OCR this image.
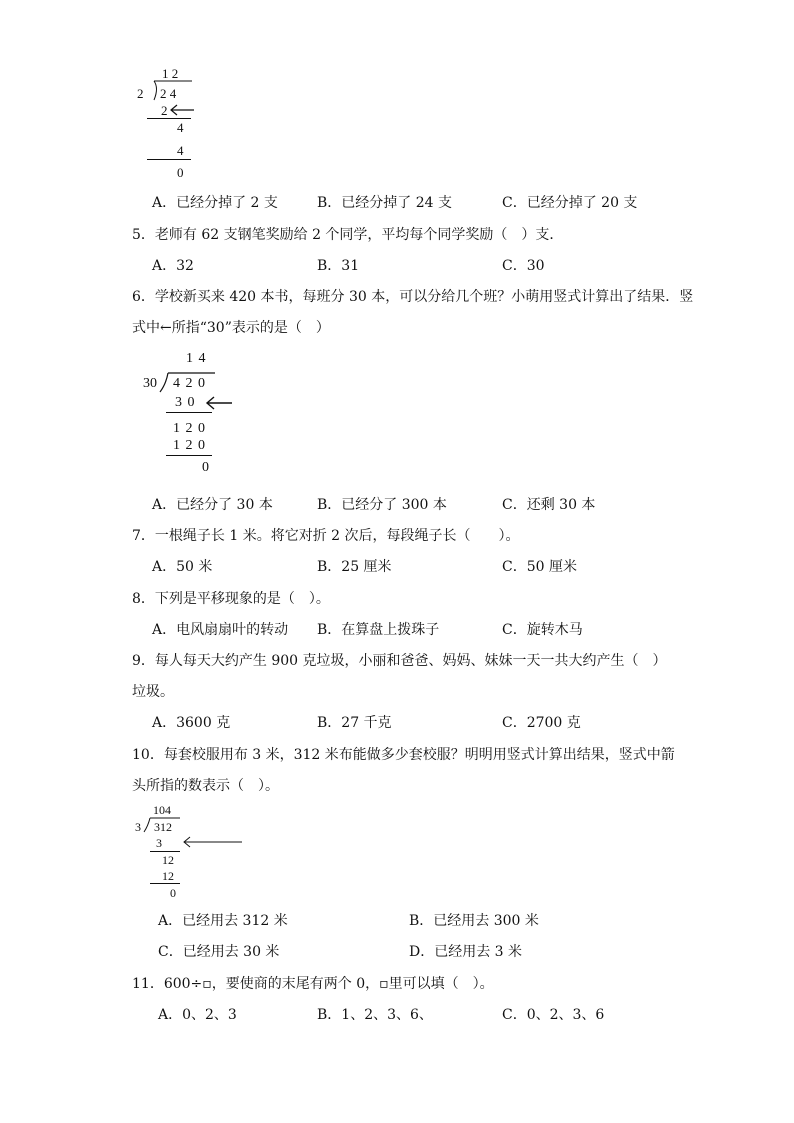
1 2
2 2 4
2
4
4
0
A．已经分掉了 2 支	B．已经分掉了 24 支	C．已经分掉了 20 支
5．老师有 62 支钢笔奖励给 2 个同学，平均每个同学奖励（　）支．
A．32	B．31	C．30
6．学校新买来 420 本书，每班分 30 本，可以分给几个班？小萌用竖式计算出了结果．竖
式中←所指“30”表示的是（　）
1 4
30 4 2 0
3 0
1 2 0
1 2 0
0
A．已经分了 30 本	B．已经分了 300 本	C．还剩 30 本
7．一根绳子长 1 米。将它对折 2 次后，每段绳子长（　　）。
A．50 米	B．25 厘米	C．50 厘米
8．下列是平移现象的是（　）。
A．电风扇扇叶的转动 B．在算盘上拨珠子	C．旋转木马
9．每人每天大约产生 900 克垃圾，小丽和爸爸、妈妈、妹妹一天一共大约产生（　）
垃圾。
A．3600 克	B．27 千克	C．2700 克
10．每套校服用布 3 米，312 米布能做多少套校服？明明用竖式计算出结果，竖式中箭
头所指的数表示（　）。
104
3 312
3
12
12
0
A．已经用去 312 米	B．已经用去 300 米
C．已经用去 30 米	D．已经用去 3 米
11．600÷▫，要使商的末尾有两个 0，▫里可以填（　）。
A．0、2、3	B．1、2、3、6、	C．0、2、3、6
